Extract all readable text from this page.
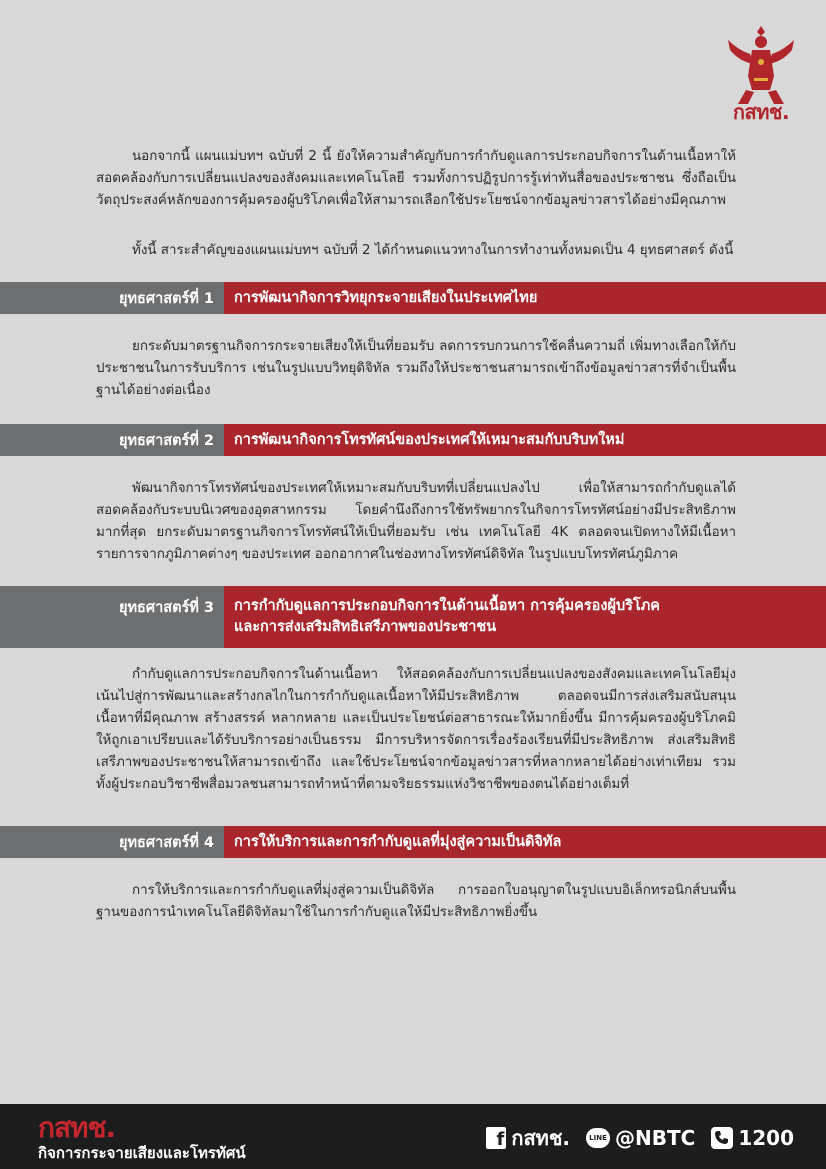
กสทช.
นอกจากนี้ แผนแม่บทฯ ฉบับที่ 2 นี้ ยังให้ความสำคัญกับการกำกับดูแลการประกอบกิจการในด้านเนื้อหาให้สอดคล้องกับการเปลี่ยนแปลงของสังคมและเทคโนโลยี รวมทั้งการปฏิรูปการรู้เท่าทันสื่อของประชาชน ซึ่งถือเป็นวัตถุประสงค์หลักของการคุ้มครองผู้บริโภคเพื่อให้สามารถเลือกใช้ประโยชน์จากข้อมูลข่าวสารได้อย่างมีคุณภาพ
ทั้งนี้ สาระสำคัญของแผนแม่บทฯ ฉบับที่ 2 ได้กำหนดแนวทางในการทำงานทั้งหมดเป็น 4 ยุทธศาสตร์ ดังนี้
ยุทธศาสตร์ที่ 1	การพัฒนากิจการวิทยุกระจายเสียงในประเทศไทย
ยกระดับมาตรฐานกิจการกระจายเสียงให้เป็นที่ยอมรับ ลดการรบกวนการใช้คลื่นความถี่ เพิ่มทางเลือกให้กับประชาชนในการรับบริการ เช่นในรูปแบบวิทยุดิจิทัล รวมถึงให้ประชาชนสามารถเข้าถึงข้อมูลข่าวสารที่จำเป็นพื้นฐานได้อย่างต่อเนื่อง
ยุทธศาสตร์ที่ 2	การพัฒนากิจการโทรทัศน์ของประเทศให้เหมาะสมกับบริบทใหม่
พัฒนากิจการโทรทัศน์ของประเทศให้เหมาะสมกับบริบทที่เปลี่ยนแปลงไป เพื่อให้สามารถกำกับดูแลได้สอดคล้องกับระบบนิเวศของอุตสาหกรรม โดยคำนึงถึงการใช้ทรัพยากรในกิจการโทรทัศน์อย่างมีประสิทธิภาพมากที่สุด ยกระดับมาตรฐานกิจการโทรทัศน์ให้เป็นที่ยอมรับ เช่น เทคโนโลยี 4K ตลอดจนเปิดทางให้มีเนื้อหารายการจากภูมิภาคต่างๆ ของประเทศ ออกอากาศในช่องทางโทรทัศน์ดิจิทัล ในรูปแบบโทรทัศน์ภูมิภาค
ยุทธศาสตร์ที่ 3	การกำกับดูแลการประกอบกิจการในด้านเนื้อหา การคุ้มครองผู้บริโภค
และการส่งเสริมสิทธิเสรีภาพของประชาชน
กำกับดูแลการประกอบกิจการในด้านเนื้อหา ให้สอดคล้องกับการเปลี่ยนแปลงของสังคมและเทคโนโลยีมุ่งเน้นไปสู่การพัฒนาและสร้างกลไกในการกำกับดูแลเนื้อหาให้มีประสิทธิภาพ ตลอดจนมีการส่งเสริมสนับสนุนเนื้อหาที่มีคุณภาพ สร้างสรรค์ หลากหลาย และเป็นประโยชน์ต่อสาธารณะให้มากยิ่งขึ้น มีการคุ้มครองผู้บริโภคมิให้ถูกเอาเปรียบและได้รับบริการอย่างเป็นธรรม มีการบริหารจัดการเรื่องร้องเรียนที่มีประสิทธิภาพ ส่งเสริมสิทธิเสรีภาพของประชาชนให้สามารถเข้าถึง และใช้ประโยชน์จากข้อมูลข่าวสารที่หลากหลายได้อย่างเท่าเทียม รวมทั้งผู้ประกอบวิชาชีพสื่อมวลชนสามารถทำหน้าที่ตามจริยธรรมแห่งวิชาชีพของตนได้อย่างเต็มที่
ยุทธศาสตร์ที่ 4	การให้บริการและการกำกับดูแลที่มุ่งสู่ความเป็นดิจิทัล
การให้บริการและการกำกับดูแลที่มุ่งสู่ความเป็นดิจิทัล การออกใบอนุญาตในรูปแบบอิเล็กทรอนิกส์บนพื้นฐานของการนำเทคโนโลยีดิจิทัลมาใช้ในการกำกับดูแลให้มีประสิทธิภาพยิ่งขึ้น
กสทช.
กิจการกระจายเสียงและโทรทัศน์
f กสทช.	LINE @NBTC 1200
